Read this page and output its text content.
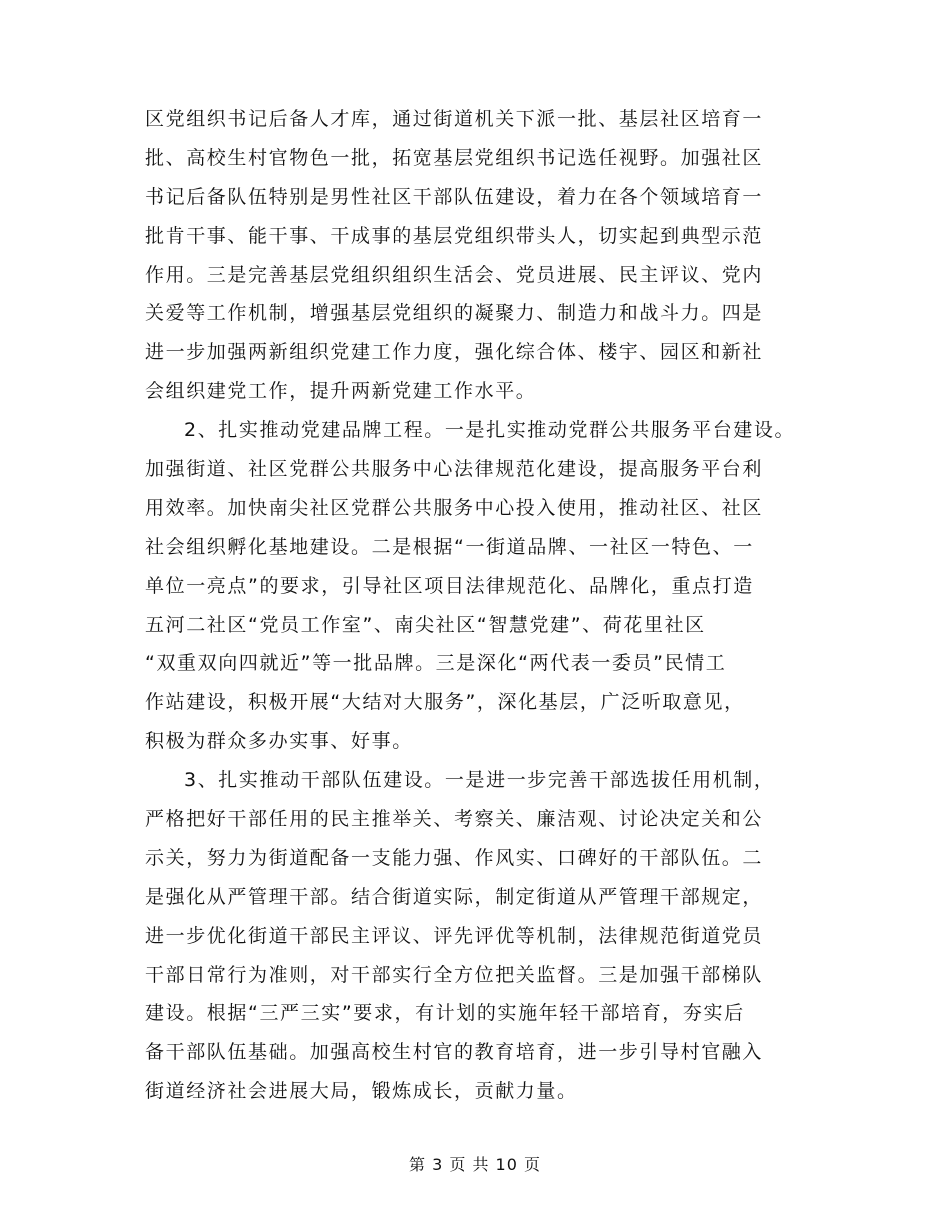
区党组织书记后备人才库，通过街道机关下派一批、基层社区培育一
批、高校生村官物色一批，拓宽基层党组织书记选任视野。加强社区
书记后备队伍特别是男性社区干部队伍建设，着力在各个领域培育一
批肯干事、能干事、干成事的基层党组织带头人，切实起到典型示范
作用。三是完善基层党组织组织生活会、党员进展、民主评议、党内
关爱等工作机制，增强基层党组织的凝聚力、制造力和战斗力。四是
进一步加强两新组织党建工作力度，强化综合体、楼宇、园区和新社
会组织建党工作，提升两新党建工作水平。
2、扎实推动党建品牌工程。一是扎实推动党群公共服务平台建设。
加强街道、社区党群公共服务中心法律规范化建设，提高服务平台利
用效率。加快南尖社区党群公共服务中心投入使用，推动社区、社区
社会组织孵化基地建设。二是根据“一街道品牌、一社区一特色、一
单位一亮点”的要求，引导社区项目法律规范化、品牌化，重点打造
五河二社区“党员工作室”、南尖社区“智慧党建”、荷花里社区
“双重双向四就近”等一批品牌。三是深化“两代表一委员”民情工
作站建设，积极开展“大结对大服务”，深化基层，广泛听取意见，
积极为群众多办实事、好事。
3、扎实推动干部队伍建设。一是进一步完善干部选拔任用机制，
严格把好干部任用的民主推举关、考察关、廉洁观、讨论决定关和公
示关，努力为街道配备一支能力强、作风实、口碑好的干部队伍。二
是强化从严管理干部。结合街道实际，制定街道从严管理干部规定，
进一步优化街道干部民主评议、评先评优等机制，法律规范街道党员
干部日常行为准则，对干部实行全方位把关监督。三是加强干部梯队
建设。根据“三严三实”要求，有计划的实施年轻干部培育，夯实后
备干部队伍基础。加强高校生村官的教育培育，进一步引导村官融入
街道经济社会进展大局，锻炼成长，贡献力量。
第 3 页 共 10 页
